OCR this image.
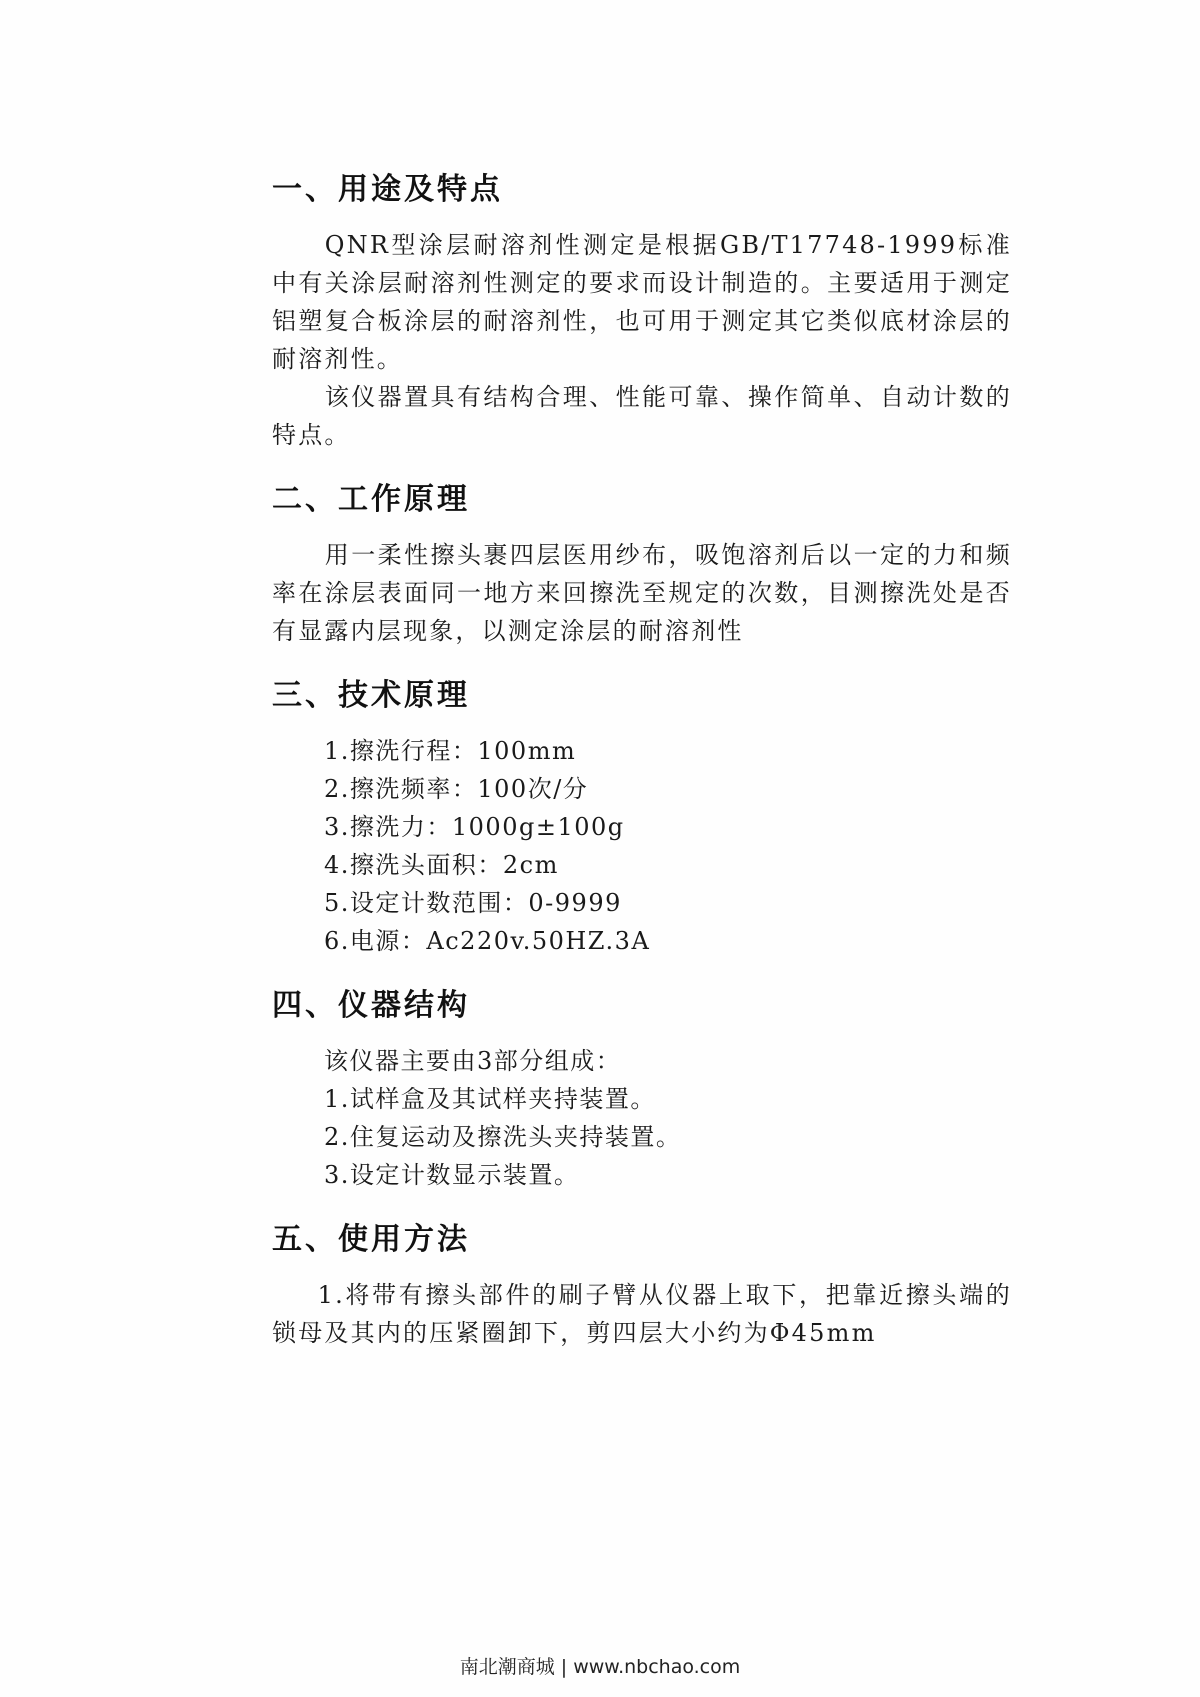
一、用途及特点

QNR型涂层耐溶剂性测定是根据GB/T17748-1999标准中有关涂层耐溶剂性测定的要求而设计制造的。主要适用于测定铝塑复合板涂层的耐溶剂性，也可用于测定其它类似底材涂层的耐溶剂性。

该仪器置具有结构合理、性能可靠、操作简单、自动计数的特点。

二、工作原理

用一柔性擦头裹四层医用纱布，吸饱溶剂后以一定的力和频率在涂层表面同一地方来回擦洗至规定的次数，目测擦洗处是否有显露内层现象，以测定涂层的耐溶剂性

三、技术原理

1.擦洗行程：100mm

2.擦洗频率：100次/分

3.擦洗力：1000g±100g

4.擦洗头面积：2cm

5.设定计数范围：0-9999

6.电源：Ac220v.50HZ.3A

四、仪器结构

该仪器主要由3部分组成：

1.试样盒及其试样夹持装置。

2.住复运动及擦洗头夹持装置。

3.设定计数显示装置。

五、使用方法

1.将带有擦头部件的刷子臂从仪器上取下，把靠近擦头端的锁母及其内的压紧圈卸下，剪四层大小约为Φ45mm

南北潮商城 | www.nbchao.com
